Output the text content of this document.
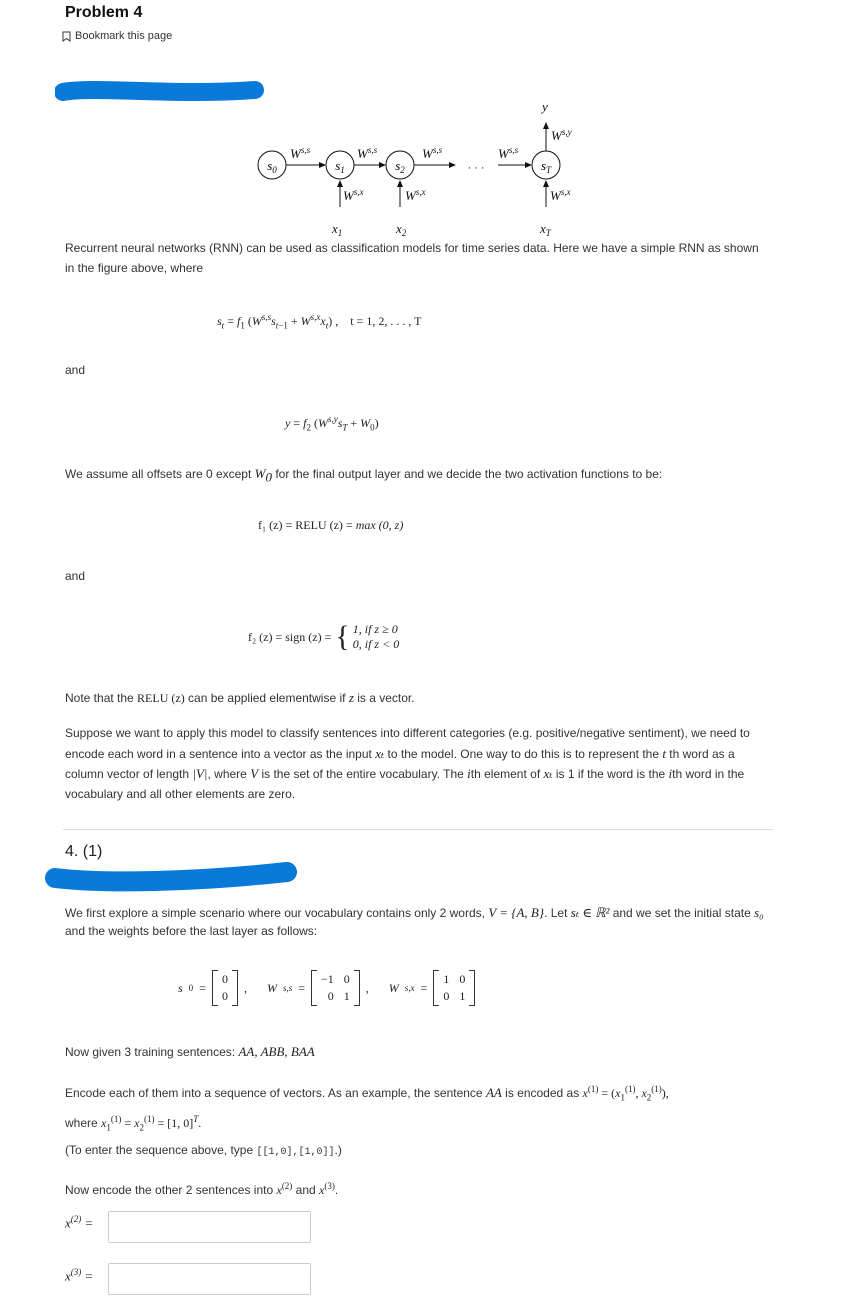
Problem 4
Bookmark this page
$s_0$	$s_1$	$s_2$	$s_T$
· · ·
W$^{s,s}$	W$^{s,s}$	W$^{s,s}$	W$^{s,s}$
W$^{s,x}$	W$^{s,x}$	W$^{s,x}$
W$^{s,y}$
$x_1$	$x_2$	$x_T$
y
Recurrent neural networks (RNN) can be used as classification models for time series data. Here we have a simple RNN as shown in the figure above, where
$s_t = f_1$ $(W^{s,s}s_{t-1} + W^{s,x}x_t)$ ,    t = 1, 2, . . . , T
and
$y = f_2$ $(W^{s,y}s_T + W_0)$
We assume all offsets are 0 except $W_0$ for the final output layer and we decide the two activation functions to be:
f₁ (z) = RELU (z) = max (0, z)
and
f₂ (z) = sign (z) = { 1, if z ≥ 0
0, if z < 0
Note that the RELU (z) can be applied elementwise if z is a vector.
Suppose we want to apply this model to classify sentences into different categories (e.g. positive/negative sentiment), we need to encode each word in a sentence into a vector as the input xₜ to the model. One way to do this is to represent the t th word as a column vector of length |V|, where V is the set of the entire vocabulary. The ith element of xₜ is 1 if the word is the ith word in the vocabulary and all other elements are zero.
4. (1)
We first explore a simple scenario where our vocabulary contains only 2 words, V = {A, B}. Let sₜ ∈ ℝ² and we set the initial state s₀ and the weights before the last layer as follows:
s 0 =
0
0
, W s,s =
−1 0
0 1
, W s,x =
1 0
0 1
Now given 3 training sentences: AA, ABB, BAA
Encode each of them into a sequence of vectors. As an example, the sentence AA is encoded as $x^{(1)} = (x_1^{(1)}$, $x_2^{(1)}$),
where $x_1^{(1)} = x_2^{(1)} = [1$, 0]$^T$.
(To enter the sequence above, type [[1,0],[1,0]].)
Now encode the other 2 sentences into $x^{(2)}$ and $x^{(3)}$.
$x^{(2)}$ =
$x^{(3)}$ =
